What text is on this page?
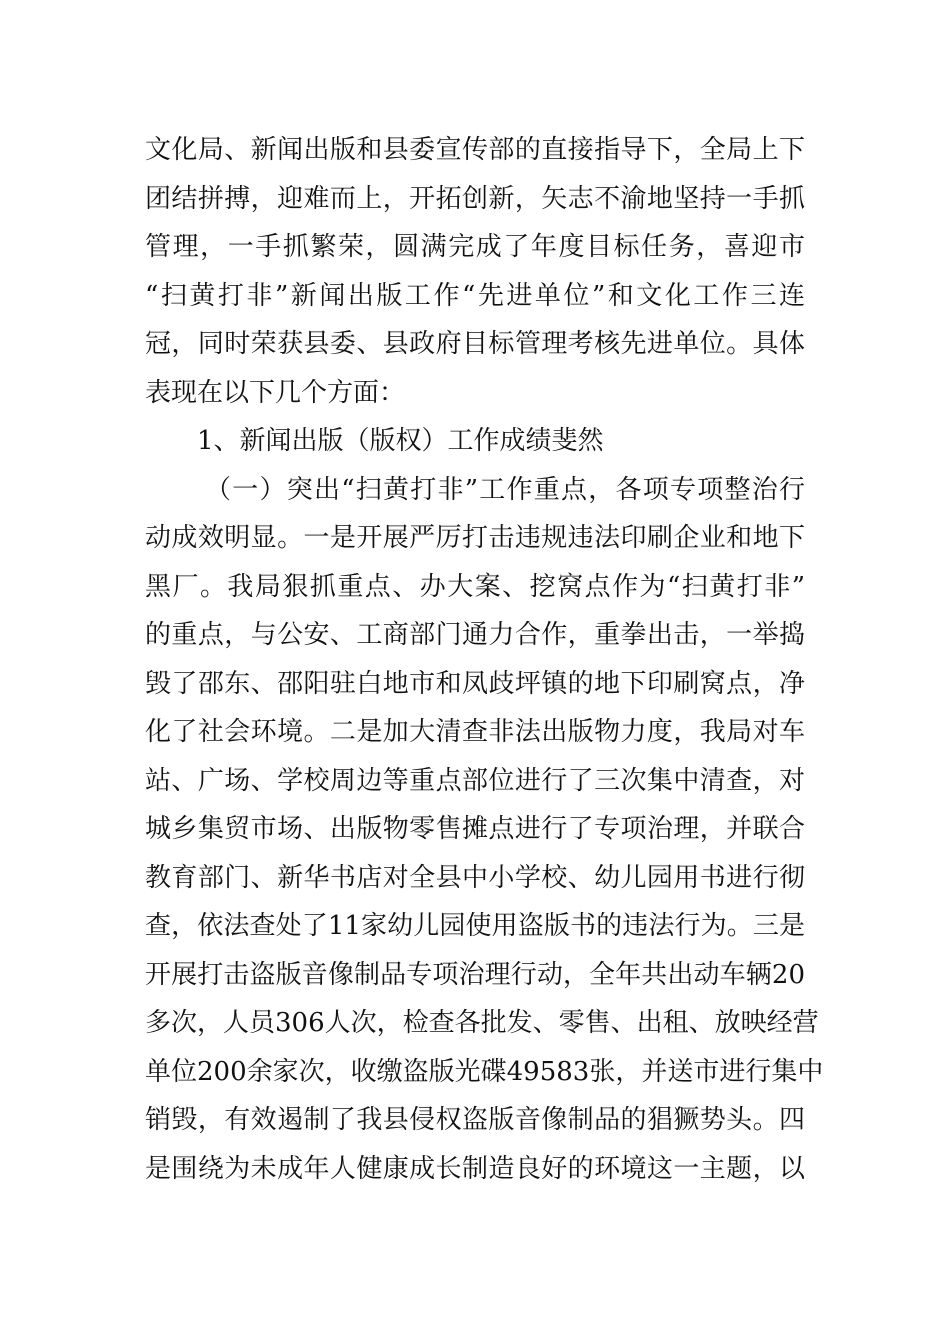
文化局、新闻出版和县委宣传部的直接指导下，全局上下
团结拼搏，迎难而上，开拓创新，矢志不渝地坚持一手抓
管理，一手抓繁荣，圆满完成了年度目标任务，喜迎市
“扫黄打非”新闻出版工作“先进单位”和文化工作三连
冠，同时荣获县委、县政府目标管理考核先进单位。具体
表现在以下几个方面：
1、新闻出版（版权）工作成绩斐然
（一）突出“扫黄打非”工作重点，各项专项整治行
动成效明显。一是开展严厉打击违规违法印刷企业和地下
黑厂。我局狠抓重点、办大案、挖窝点作为“扫黄打非”
的重点，与公安、工商部门通力合作，重拳出击，一举捣
毁了邵东、邵阳驻白地市和凤歧坪镇的地下印刷窝点，净
化了社会环境。二是加大清查非法出版物力度，我局对车
站、广场、学校周边等重点部位进行了三次集中清查，对
城乡集贸市场、出版物零售摊点进行了专项治理，并联合
教育部门、新华书店对全县中小学校、幼儿园用书进行彻
查，依法查处了11家幼儿园使用盗版书的违法行为。三是
开展打击盗版音像制品专项治理行动，全年共出动车辆20
多次，人员306人次，检查各批发、零售、出租、放映经营
单位200余家次，收缴盗版光碟49583张，并送市进行集中
销毁，有效遏制了我县侵权盗版音像制品的猖獗势头。四
是围绕为未成年人健康成长制造良好的环境这一主题，以
